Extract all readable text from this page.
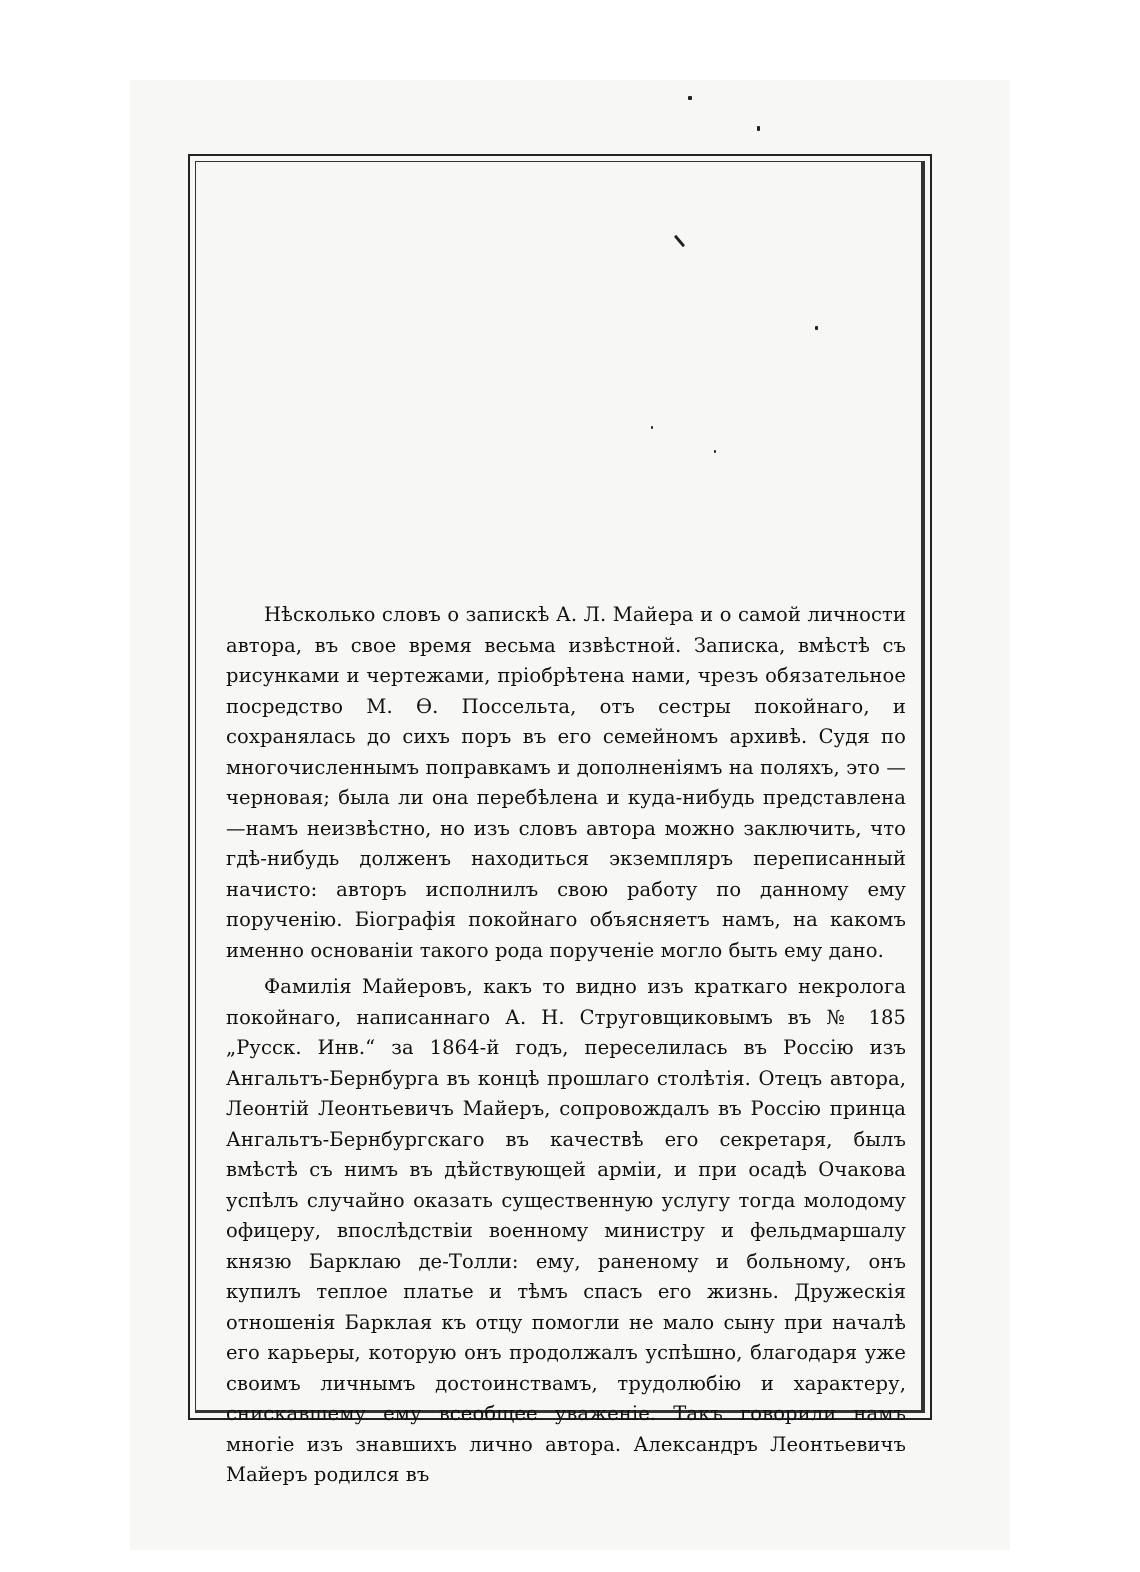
Нѣсколько словъ о запискѣ А. Л. Майера и о самой личности автора, въ свое время весьма извѣстной. Записка, вмѣстѣ съ рисунками и чертежами, пріобрѣтена нами, чрезъ обязательное посредство М. Ѳ. Поссельта, отъ сестры покойнаго, и сохранялась до сихъ поръ въ его семейномъ архивѣ. Судя по многочисленнымъ поправкамъ и дополненіямъ на поляхъ, это — черновая; была ли она перебѣлена и куда-нибудь представлена—намъ неизвѣстно, но изъ словъ автора можно заключить, что гдѣ-нибудь долженъ находиться экземпляръ переписанный начисто: авторъ исполнилъ свою работу по данному ему порученію. Біографія покойнаго объясняетъ намъ, на какомъ именно основаніи такого рода порученіе могло быть ему дано.

Фамилія Майеровъ, какъ то видно изъ краткаго некролога покойнаго, написаннаго А. Н. Струговщиковымъ въ № 185 „Русск. Инв.“ за 1864-й годъ, переселилась въ Россію изъ Ангальтъ-Бернбурга въ концѣ прошлаго столѣтія. Отецъ автора, Леонтій Леонтьевичъ Майеръ, сопровождалъ въ Россію принца Ангальтъ-Бернбургскаго въ качествѣ его секретаря, былъ вмѣстѣ съ нимъ въ дѣйствующей арміи, и при осадѣ Очакова успѣлъ случайно оказать существенную услугу тогда молодому офицеру, впослѣдствіи военному министру и фельдмаршалу князю Барклаю де-Толли: ему, раненому и больному, онъ купилъ теплое платье и тѣмъ спасъ его жизнь. Дружескія отношенія Барклая къ отцу помогли не мало сыну при началѣ его карьеры, которую онъ продолжалъ успѣшно, благодаря уже своимъ личнымъ достоинствамъ, трудолюбію и характеру, снискавшему ему всеобщее уваженіе. Такъ говорили намъ многіе изъ знавшихъ лично автора. Александръ Леонтьевичъ Майеръ родился въ
